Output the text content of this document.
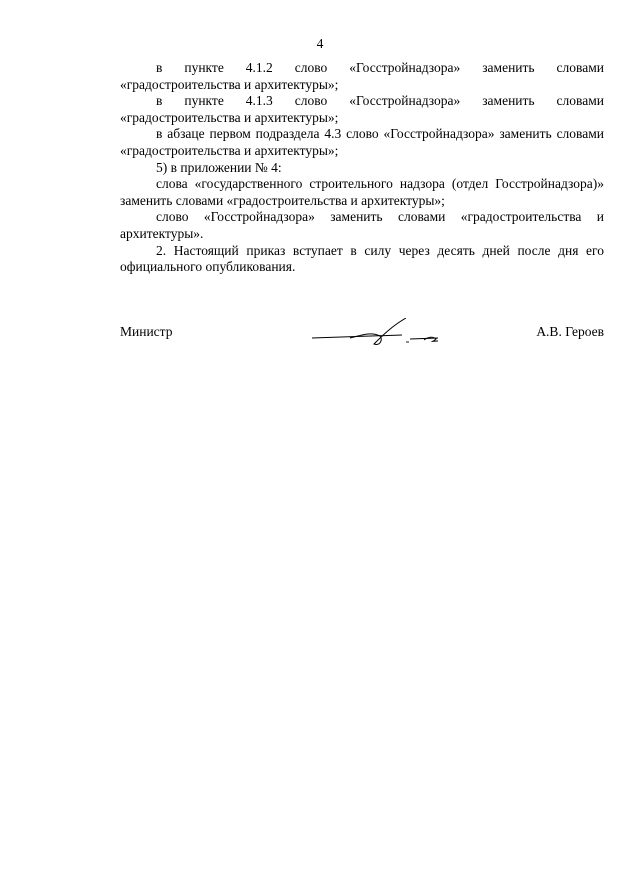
4

в пункте 4.1.2 слово «Госстройнадзора» заменить словами «градостроительства и архитектуры»;

в пункте 4.1.3 слово «Госстройнадзора» заменить словами «градостроительства и архитектуры»;

в абзаце первом подраздела 4.3 слово «Госстройнадзора» заменить словами «градостроительства и архитектуры»;

5) в приложении № 4:

слова «государственного строительного надзора (отдел Госстройнадзора)» заменить словами «градостроительства и архитектуры»;

слово «Госстройнадзора» заменить словами «градостроительства и архитектуры».

2. Настоящий приказ вступает в силу через десять дней после дня его официального опубликования.

Министр	А.В. Героев
